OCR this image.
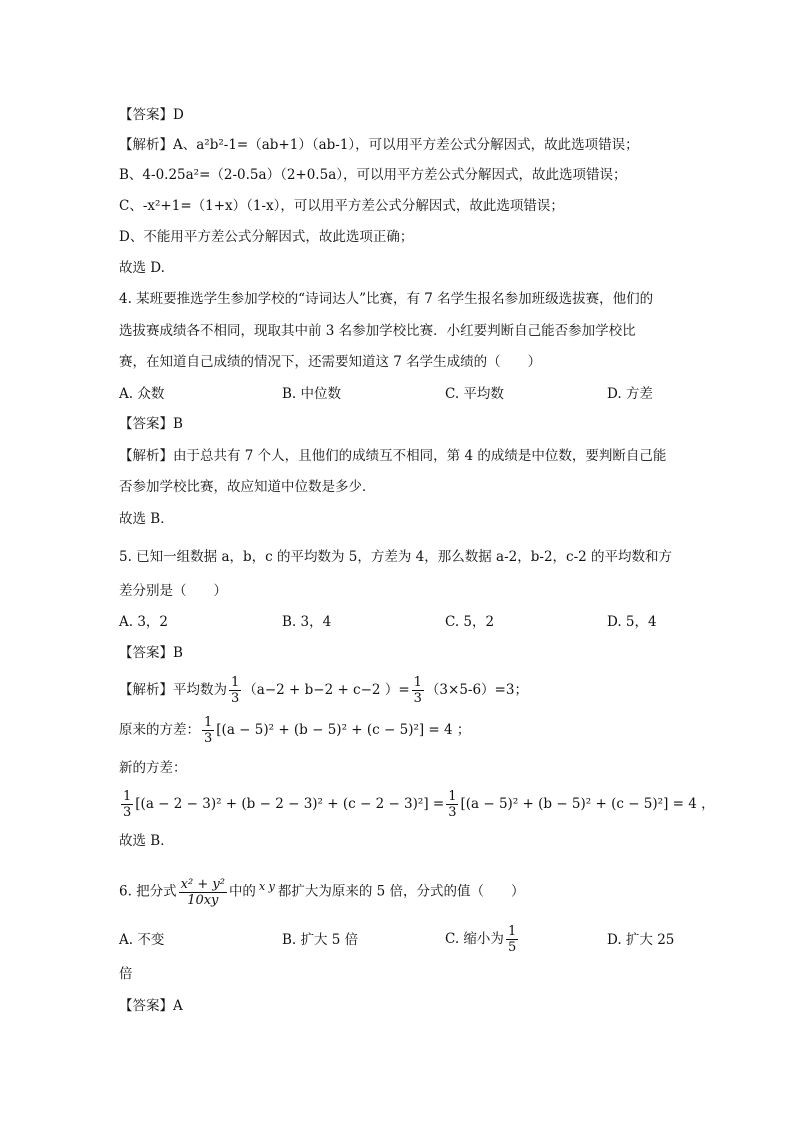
【答案】D
【解析】A、a²b²-1=（ab+1）（ab-1），可以用平方差公式分解因式，故此选项错误；
B、4-0.25a²=（2-0.5a）（2+0.5a），可以用平方差公式分解因式，故此选项错误；
C、-x²+1=（1+x）（1-x），可以用平方差公式分解因式，故此选项错误；
D、不能用平方差公式分解因式，故此选项正确；
故选 D.
4. 某班要推选学生参加学校的“诗词达人”比赛，有 7 名学生报名参加班级选拔赛，他们的
选拔赛成绩各不相同，现取其中前 3 名参加学校比赛．小红要判断自己能否参加学校比
赛，在知道自己成绩的情况下，还需要知道这 7 名学生成绩的（　　）
A. 众数	B. 中位数	C. 平均数	D. 方差
【答案】B
【解析】由于总共有 7 个人，且他们的成绩互不相同，第 4 的成绩是中位数，要判断自己能
否参加学校比赛，故应知道中位数是多少．
故选 B．
5. 已知一组数据 a，b，c 的平均数为 5，方差为 4，那么数据 a-2，b-2，c-2 的平均数和方
差分别是（　　）
A. 3，2	B. 3，4	C. 5，2	D. 5，4
【答案】B
【解析】平均数为 $\frac{1}{3} (a-2 + b-2 + c-2$ ）= $\frac{1}{3} (3\times 5-6)=3$；
原来的方差： $\frac{1}{3} [(a - 5)^2 + (b - 5)^2 + (c - 5)^2] = 4$ ；
新的方差：
$\frac{1}{3} [(a - 2 - 3)^2 + (b - 2 - 3)^2 + (c - 2 - 3)^2] = \frac{1}{3} [(a - 5)^2 + (b - 5)^2 + (c - 5)^2] = 4$ ，
故选 B．
6. 把分式 $\frac{\text{x² + y²}}{10xy}$ 中的 $^{x y}$ 都扩大为原来的 5 倍，分式的值（　　）
A. 不变	B. 扩大 5 倍	C. 缩小为 $\frac{1}{5}$	D. 扩大 25
倍
【答案】A
